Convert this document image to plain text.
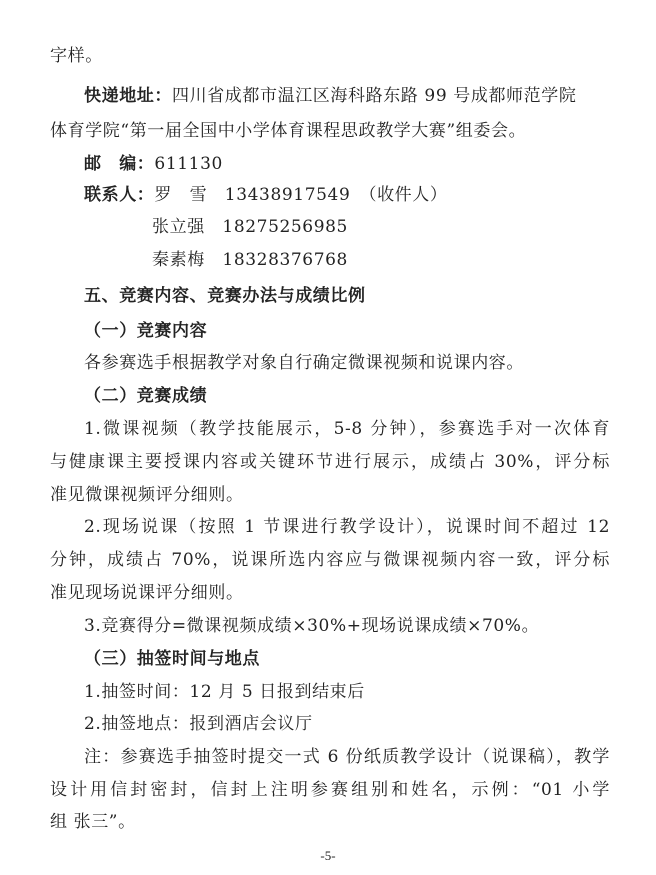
字样。
快递地址：四川省成都市温江区海科路东路 99 号成都师范学院
体育学院“第一届全国中小学体育课程思政教学大赛”组委会。
邮　编：611130
联系人：罗　雪　13438917549　（收件人）
张立强　18275256985
秦素梅　18328376768
五、竞赛内容、竞赛办法与成绩比例
（一）竞赛内容
各参赛选手根据教学对象自行确定微课视频和说课内容。
（二）竞赛成绩
1.微课视频（教学技能展示，5-8 分钟），参赛选手对一次体育
与健康课主要授课内容或关键环节进行展示，成绩占 30%，评分标
准见微课视频评分细则。
2.现场说课（按照 1 节课进行教学设计），说课时间不超过 12
分钟，成绩占 70%，说课所选内容应与微课视频内容一致，评分标
准见现场说课评分细则。
3.竞赛得分=微课视频成绩×30%+现场说课成绩×70%。
（三）抽签时间与地点
1.抽签时间：12 月 5 日报到结束后
2.抽签地点：报到酒店会议厅
注：参赛选手抽签时提交一式 6 份纸质教学设计（说课稿），教学
设计用信封密封，信封上注明参赛组别和姓名，示例：“01 小学
组 张三”。
-5-
